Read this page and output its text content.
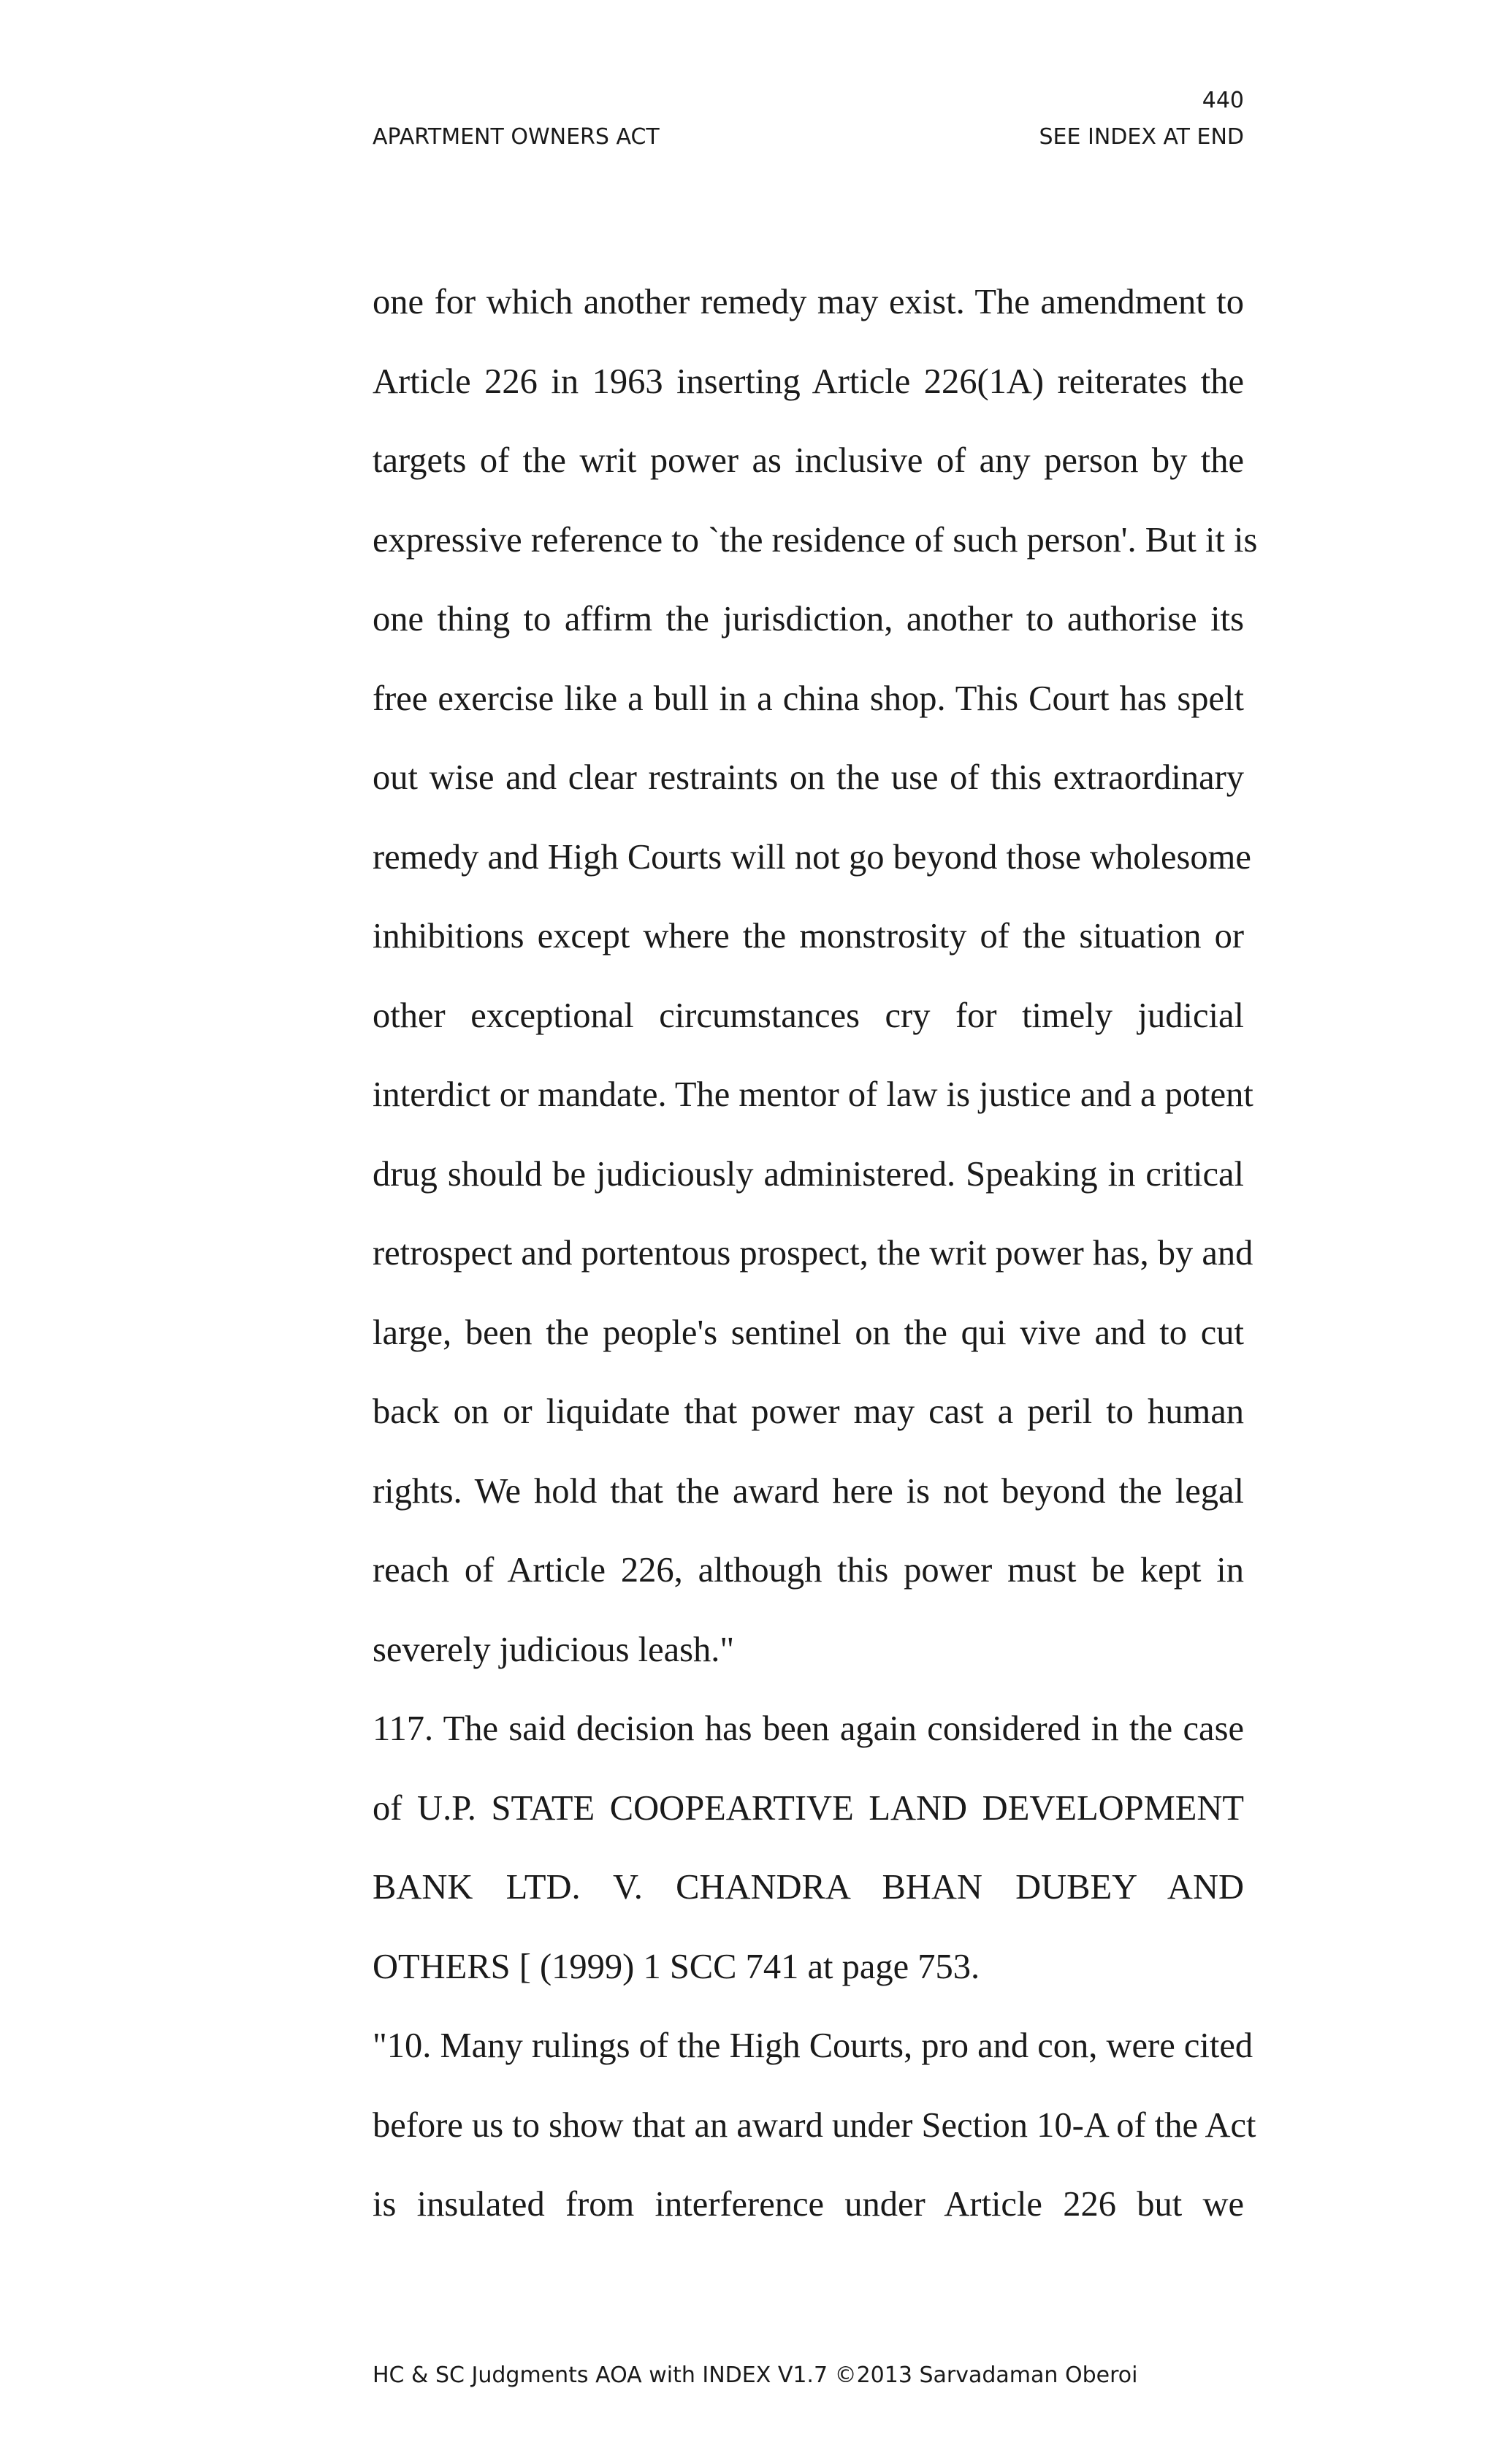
440
APARTMENT OWNERS ACT	SEE INDEX AT END
one for which another remedy may exist. The amendment to
Article 226 in 1963 inserting Article 226(1A) reiterates the
targets of the writ power as inclusive of any person by the
expressive reference to `the residence of such person'. But it is
one thing to affirm the jurisdiction, another to authorise its
free exercise like a bull in a china shop. This Court has spelt
out wise and clear restraints on the use of this extraordinary
remedy and High Courts will not go beyond those wholesome
inhibitions except where the monstrosity of the situation or
other exceptional circumstances cry for timely judicial
interdict or mandate. The mentor of law is justice and a potent
drug should be judiciously administered. Speaking in critical
retrospect and portentous prospect, the writ power has, by and
large, been the people's sentinel on the qui vive and to cut
back on or liquidate that power may cast a peril to human
rights. We hold that the award here is not beyond the legal
reach of Article 226, although this power must be kept in
severely judicious leash."
117. The said decision has been again considered in the case
of U.P. STATE COOPEARTIVE LAND DEVELOPMENT
BANK LTD. V. CHANDRA BHAN DUBEY AND
OTHERS [ (1999) 1 SCC 741 at page 753.
"10. Many rulings of the High Courts, pro and con, were cited
before us to show that an award under Section 10-A of the Act
is insulated from interference under Article 226 but we
HC & SC Judgments AOA with INDEX V1.7 ©2013 Sarvadaman Oberoi
